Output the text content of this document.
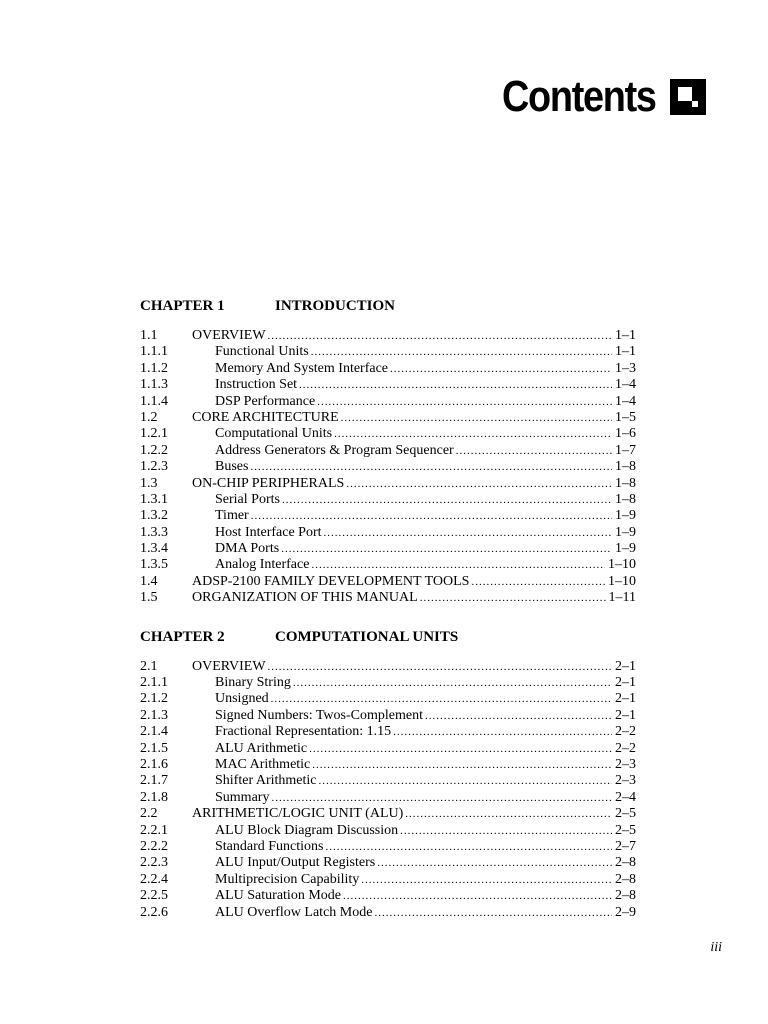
Contents
CHAPTER 1	INTRODUCTION
1.1	OVERVIEW .....	1–1
1.1.1	Functional Units .....	1–1
1.1.2	Memory And System Interface .....	1–3
1.1.3	Instruction Set .....	1–4
1.1.4	DSP Performance .....	1–4
1.2	CORE ARCHITECTURE .....	1–5
1.2.1	Computational Units .....	1–6
1.2.2	Address Generators & Program Sequencer .....	1–7
1.2.3	Buses .....	1–8
1.3	ON-CHIP PERIPHERALS .....	1–8
1.3.1	Serial Ports .....	1–8
1.3.2	Timer .....	1–9
1.3.3	Host Interface Port .....	1–9
1.3.4	DMA Ports .....	1–9
1.3.5	Analog Interface .....	1–10
1.4	ADSP-2100 FAMILY DEVELOPMENT TOOLS .....	1–10
1.5	ORGANIZATION OF THIS MANUAL .....	1–11
CHAPTER 2	COMPUTATIONAL UNITS
2.1	OVERVIEW .....	2–1
2.1.1	Binary String .....	2–1
2.1.2	Unsigned .....	2–1
2.1.3	Signed Numbers: Twos-Complement .....	2–1
2.1.4	Fractional Representation: 1.15 .....	2–2
2.1.5	ALU Arithmetic .....	2–2
2.1.6	MAC Arithmetic .....	2–3
2.1.7	Shifter Arithmetic .....	2–3
2.1.8	Summary .....	2–4
2.2	ARITHMETIC/LOGIC UNIT (ALU) .....	2–5
2.2.1	ALU Block Diagram Discussion .....	2–5
2.2.2	Standard Functions .....	2–7
2.2.3	ALU Input/Output Registers .....	2–8
2.2.4	Multiprecision Capability .....	2–8
2.2.5	ALU Saturation Mode .....	2–8
2.2.6	ALU Overflow Latch Mode .....	2–9
iii
